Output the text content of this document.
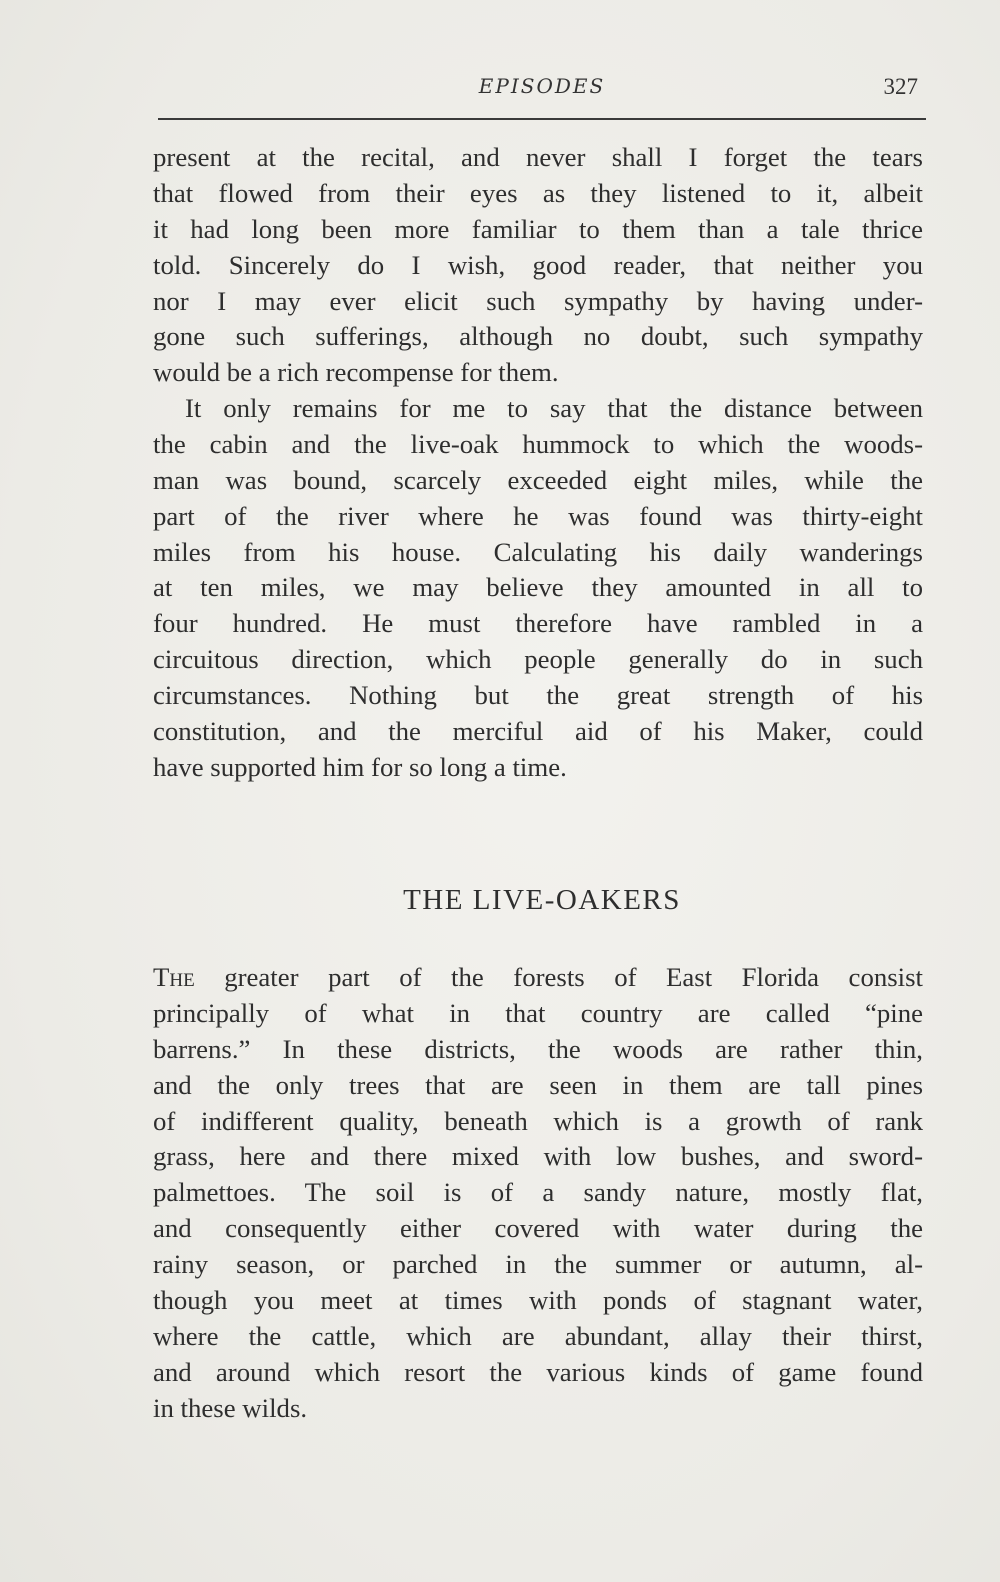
EPISODES	327
present at the recital, and never shall I forget the tears
that flowed from their eyes as they listened to it, albeit
it had long been more familiar to them than a tale thrice
told. Sincerely do I wish, good reader, that neither you
nor I may ever elicit such sympathy by having under-
gone such sufferings, although no doubt, such sympathy
would be a rich recompense for them.
It only remains for me to say that the distance between
the cabin and the live-oak hummock to which the woods-
man was bound, scarcely exceeded eight miles, while the
part of the river where he was found was thirty-eight
miles from his house. Calculating his daily wanderings
at ten miles, we may believe they amounted in all to
four hundred. He must therefore have rambled in a
circuitous direction, which people generally do in such
circumstances. Nothing but the great strength of his
constitution, and the merciful aid of his Maker, could
have supported him for so long a time.
THE LIVE-OAKERS
The greater part of the forests of East Florida consist
principally of what in that country are called “pine
barrens.” In these districts, the woods are rather thin,
and the only trees that are seen in them are tall pines
of indifferent quality, beneath which is a growth of rank
grass, here and there mixed with low bushes, and sword-
palmettoes. The soil is of a sandy nature, mostly flat,
and consequently either covered with water during the
rainy season, or parched in the summer or autumn, al-
though you meet at times with ponds of stagnant water,
where the cattle, which are abundant, allay their thirst,
and around which resort the various kinds of game found
in these wilds.
